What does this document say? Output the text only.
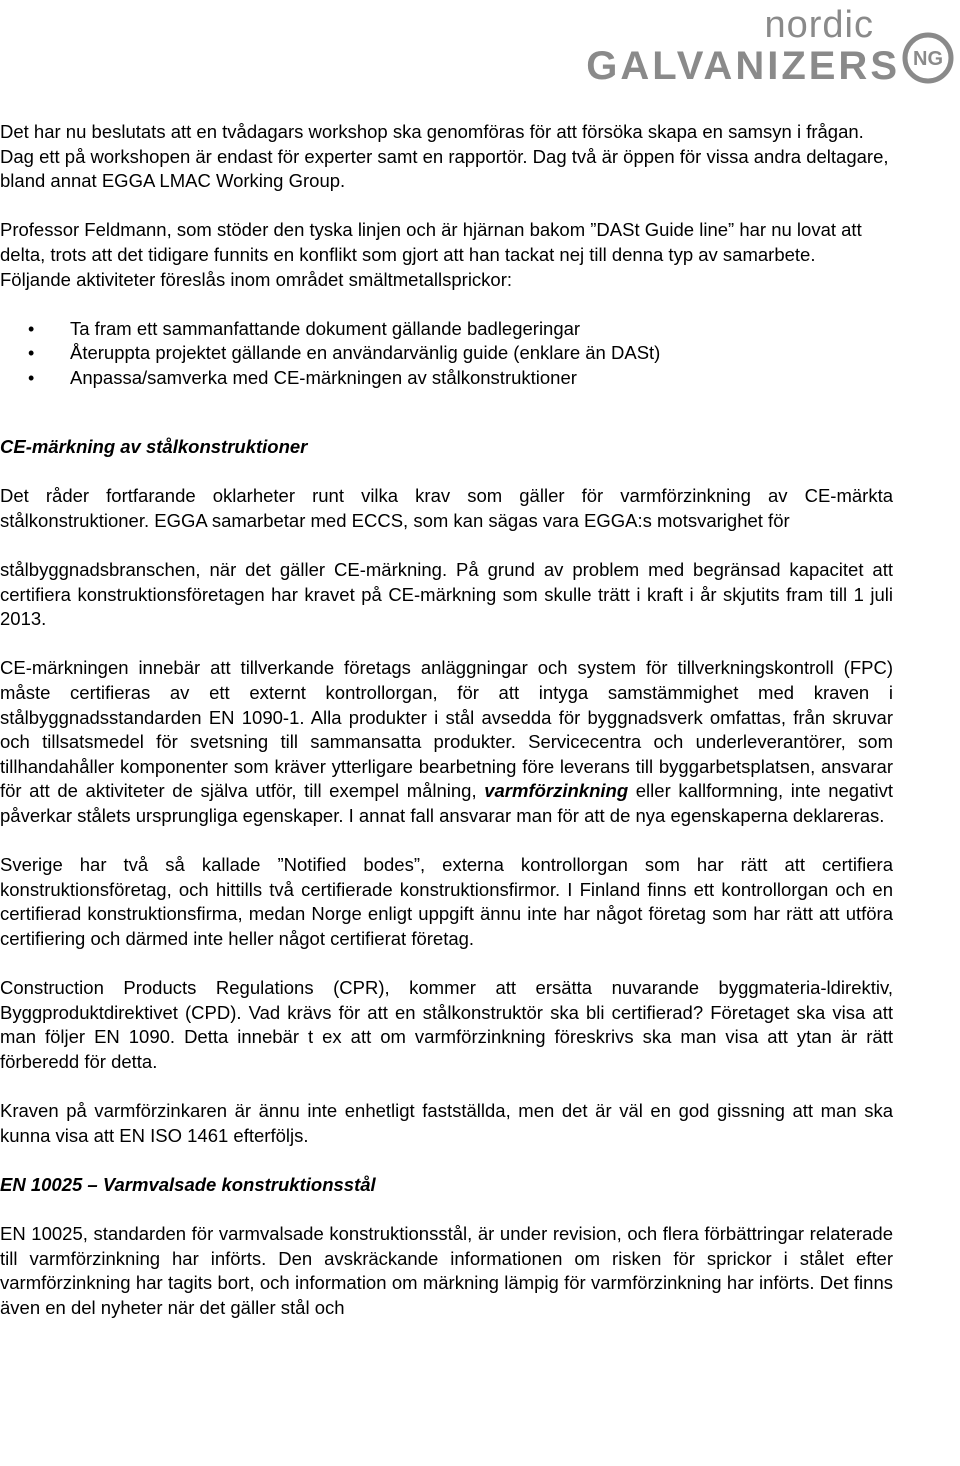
nordic
GALVANIZERS NG

Det har nu beslutats att en tvådagars workshop ska genomföras för att försöka skapa en samsyn i frågan. Dag ett på workshopen är endast för experter samt en rapportör. Dag två är öppen för vissa andra deltagare, bland annat EGGA LMAC Working Group.

Professor Feldmann, som stöder den tyska linjen och är hjärnan bakom ”DASt Guide line” har nu lovat att delta, trots att det tidigare funnits en konflikt som gjort att han tackat nej till denna typ av samarbete.

Följande aktiviteter föreslås inom området smältmetallsprickor:

• Ta fram ett sammanfattande dokument gällande badlegeringar
• Återuppta projektet gällande en användarvänlig guide (enklare än DASt)
• Anpassa/samverka med CE-märkningen av stålkonstruktioner
CE-märkning av stålkonstruktioner

Det råder fortfarande oklarheter runt vilka krav som gäller för varmförzinkning av CE-märkta stålkonstruktioner. EGGA samarbetar med ECCS, som kan sägas vara EGGA:s motsvarighet för

stålbyggnadsbranschen, när det gäller CE-märkning. På grund av problem med begränsad kapacitet att certifiera konstruktionsföretagen har kravet på CE-märkning som skulle trätt i kraft i år skjutits fram till 1 juli 2013.

CE-märkningen innebär att tillverkande företags anläggningar och system för tillverkningskontroll (FPC) måste certifieras av ett externt kontrollorgan, för att intyga samstämmighet med kraven i stålbyggnadsstandarden EN 1090-1. Alla produkter i stål avsedda för byggnadsverk omfattas, från skruvar och tillsatsmedel för svetsning till sammansatta produkter. Servicecentra och underleverantörer, som tillhandahåller komponenter som kräver ytterligare bearbetning före leverans till byggarbetsplatsen, ansvarar för att de aktiviteter de själva utför, till exempel målning, varmförzinkning eller kallformning, inte negativt påverkar stålets ursprungliga egenskaper. I annat fall ansvarar man för att de nya egenskaperna deklareras.

Sverige har två så kallade ”Notified bodes”, externa kontrollorgan som har rätt att certifiera konstruktionsföretag, och hittills två certifierade konstruktionsfirmor. I Finland finns ett kontrollorgan och en certifierad konstruktionsfirma, medan Norge enligt uppgift ännu inte har något företag som har rätt att utföra certifiering och därmed inte heller något certifierat företag.

Construction Products Regulations (CPR), kommer att ersätta nuvarande byggmateria-ldirektiv, Byggproduktdirektivet (CPD). Vad krävs för att en stålkonstruktör ska bli certifierad? Företaget ska visa att man följer EN 1090. Detta innebär t ex att om varmförzinkning föreskrivs ska man visa att ytan är rätt förberedd för detta.

Kraven på varmförzinkaren är ännu inte enhetligt fastställda, men det är väl en god gissning att man ska kunna visa att EN ISO 1461 efterföljs.

EN 10025 – Varmvalsade konstruktionsstål

EN 10025, standarden för varmvalsade konstruktionsstål, är under revision, och flera förbättringar relaterade till varmförzinkning har införts. Den avskräckande informationen om risken för sprickor i stålet efter varmförzinkning har tagits bort, och information om märkning lämpig för varmförzinkning har införts. Det finns även en del nyheter när det gäller stål och
